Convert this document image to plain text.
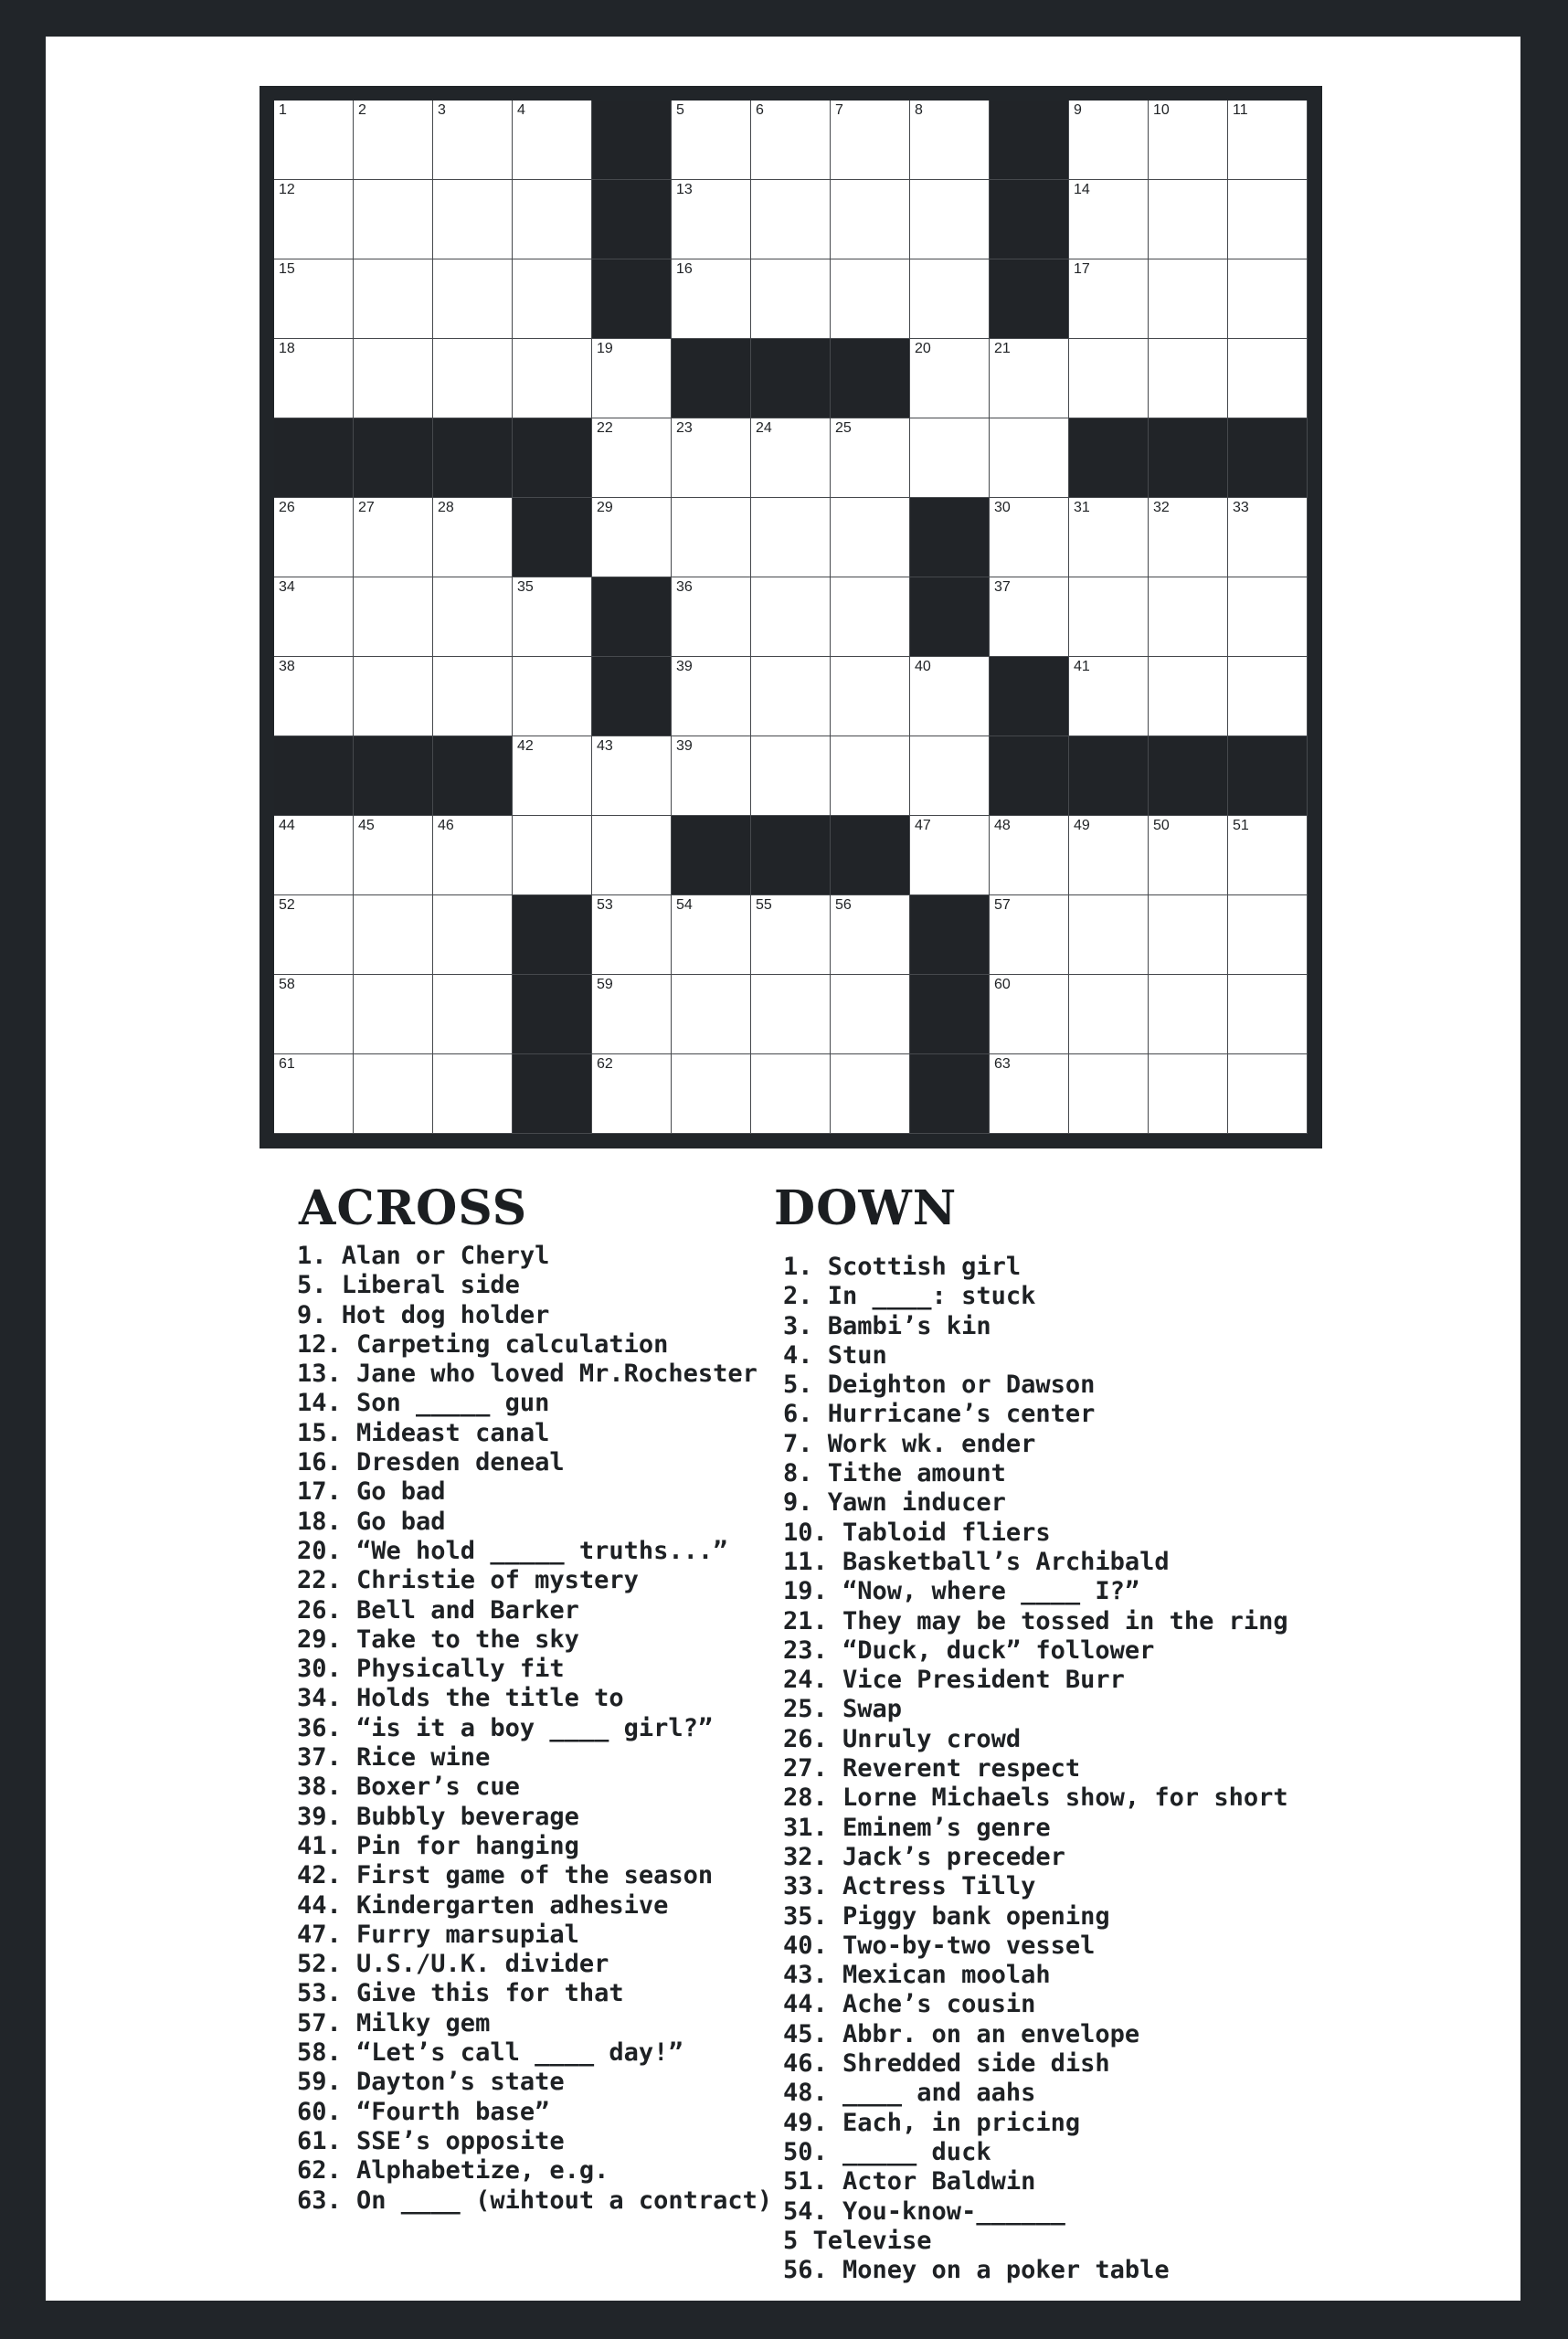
1	2	3	4	5	6	7	8	9	10	11
12	13	14
15	16	17
18	19	20	21
22	23	24	25
26	27	28	29	30	31	32	33
34	35	36	37
38	39	40	41
42	43	39
44	45	46	47	48	49	50	51
52	53	54	55	56	57
58	59	60
61	62	63
ACROSS	DOWN
1. Alan or Cheryl
5. Liberal side
9. Hot dog holder
12. Carpeting calculation
13. Jane who loved Mr.Rochester
14. Son _____ gun
15. Mideast canal
16. Dresden deneal
17. Go bad
18. Go bad
20. “We hold _____ truths...”
22. Christie of mystery
26. Bell and Barker
29. Take to the sky
30. Physically fit
34. Holds the title to
36. “is it a boy ____ girl?”
37. Rice wine
38. Boxer’s cue
39. Bubbly beverage
41. Pin for hanging
42. First game of the season
44. Kindergarten adhesive
47. Furry marsupial
52. U.S./U.K. divider
53. Give this for that
57. Milky gem
58. “Let’s call ____ day!”
59. Dayton’s state
60. “Fourth base”
61. SSE’s opposite
62. Alphabetize, e.g.
63. On ____ (wihtout a contract)
1. Scottish girl
2. In ____: stuck
3. Bambi’s kin
4. Stun
5. Deighton or Dawson
6. Hurricane’s center
7. Work wk. ender
8. Tithe amount
9. Yawn inducer
10. Tabloid fliers
11. Basketball’s Archibald
19. “Now, where ____ I?”
21. They may be tossed in the ring
23. “Duck, duck” follower
24. Vice President Burr
25. Swap
26. Unruly crowd
27. Reverent respect
28. Lorne Michaels show, for short
31. Eminem’s genre
32. Jack’s preceder
33. Actress Tilly
35. Piggy bank opening
40. Two-by-two vessel
43. Mexican moolah
44. Ache’s cousin
45. Abbr. on an envelope
46. Shredded side dish
48. ____ and aahs
49. Each, in pricing
50. _____ duck
51. Actor Baldwin
54. You-know-______
5 Televise
56. Money on a poker table
